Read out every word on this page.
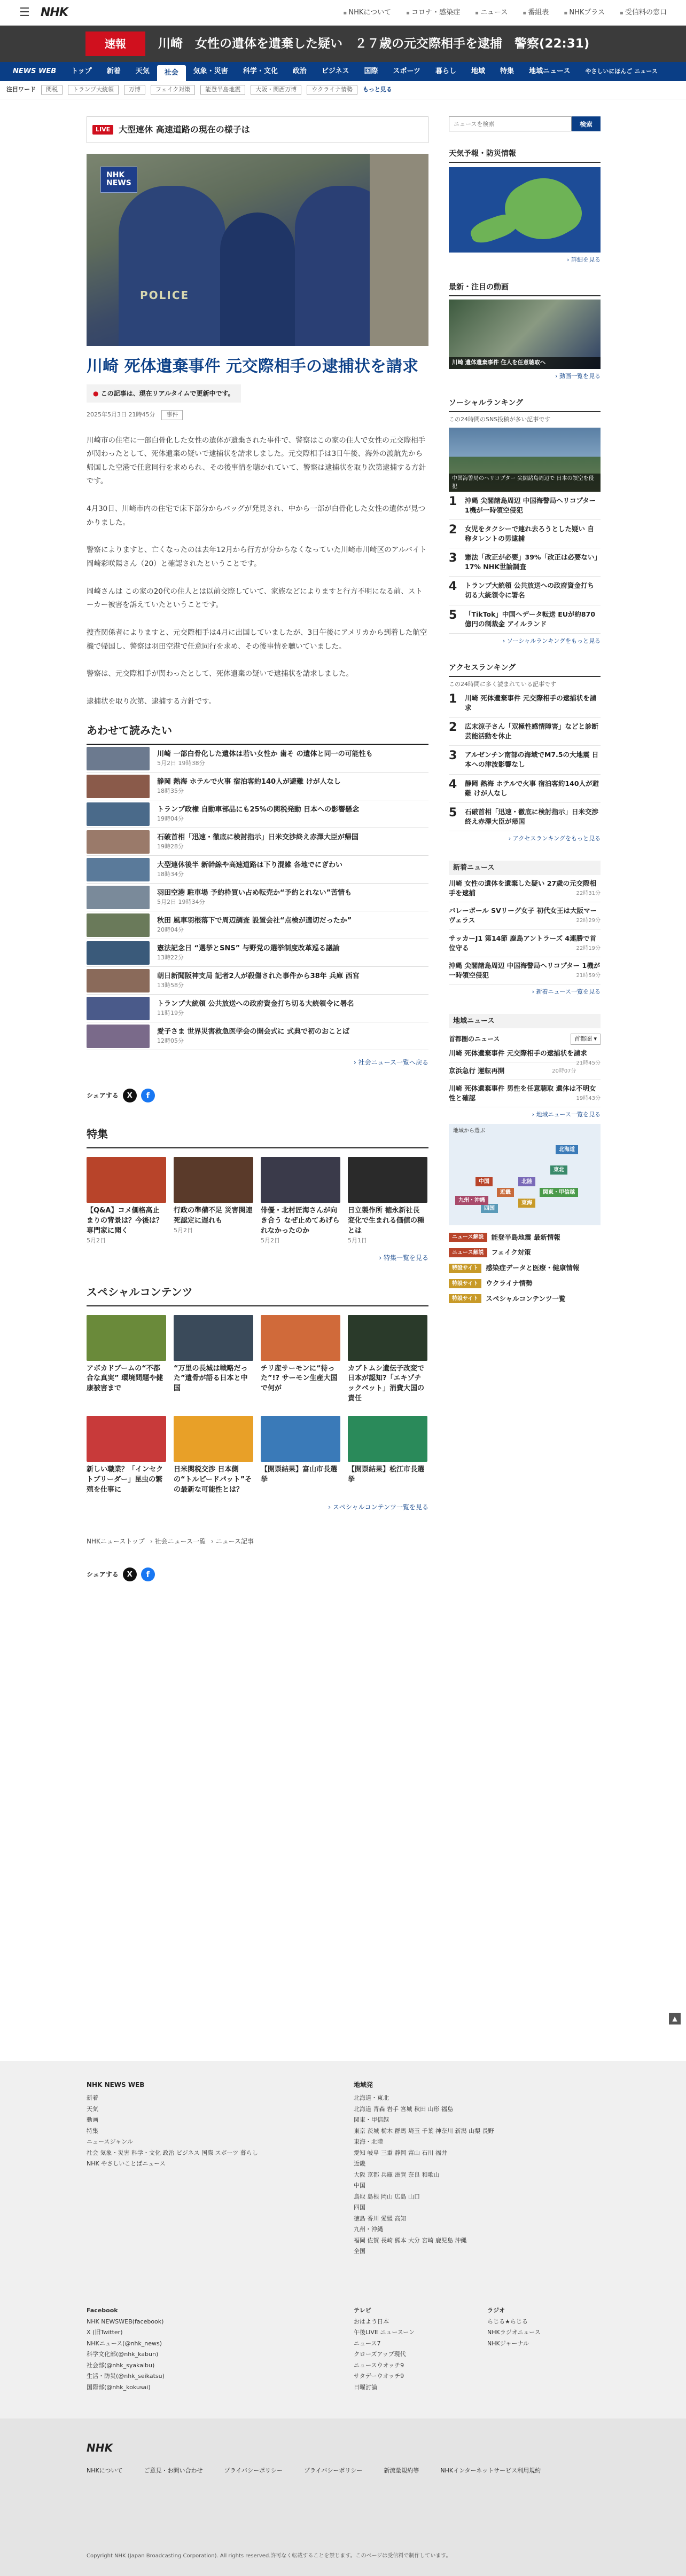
☰ NHK	▪ NHKについて	▪ コロナ・感染症	▪ ニュース	▪ 番組表	▪ NHKプラス	▪ 受信料の窓口
速報	川崎　女性の遺体を遺棄した疑い　２７歳の元交際相手を逮捕　警察(22:31)
NEWS WEB	トップ	新着	天気	社会	気象・災害	科学・文化	政治	ビジネス	国際	スポーツ	暮らし	地域	特集	地域ニュース	やさしいにほんご ニュース
注目ワード	関税	トランプ大統領	万博	フェイク対策	能登半島地震	大阪・関西万博	ウクライナ情勢	もっと見る
LIVE	大型連休 高速道路の現在の様子は
POLICE
NHK
NEWS
川崎 死体遺棄事件 元交際相手の逮捕状を請求
● この記事は、現在リアルタイムで更新中です。
2025年5月3日 21時45分	事件

川崎市の住宅に一部白骨化した女性の遺体が遺棄された事件で、警察はこの家の住人で女性の元交際相手が関わったとして、死体遺棄の疑いで逮捕状を請求しました。元交際相手は3日午後、海外の渡航先から帰国した空港で任意同行を求められ、その後事情を聴かれていて、警察は逮捕状を取り次第逮捕する方針です。

4月30日、川崎市内の住宅で床下部分からバッグが発見され、中から一部が白骨化した女性の遺体が見つかりました。

警察によりますと、亡くなったのは去年12月から行方が分からなくなっていた川崎市川崎区のアルバイト 岡崎彩咲陽さん（20）と確認されたということです。

岡崎さんは この家の20代の住人とは以前交際していて、家族などによりますと行方不明になる前、ストーカー被害を訴えていたということです。

捜査関係者によりますと、元交際相手は4月に出国していましたが、3日午後にアメリカから到着した航空機で帰国し、警察は羽田空港で任意同行を求め、その後事情を聴いていました。

警察は、元交際相手が関わったとして、死体遺棄の疑いで逮捕状を請求しました。

逮捕状を取り次第、逮捕する方針です。

あわせて読みたい
川崎 一部白骨化した遺体は若い女性か 歯そ の遺体と同一の可能性も
5月2日 19時38分
静岡 熱海 ホテルで火事 宿泊客約140人が避難 けが人なし
18時35分
トランプ政権 自動車部品にも25%の関税発動 日本への影響懸念
19時04分
石破首相「迅速・徹底に検討指示」日米交渉終え赤澤大臣が帰国
19時28分
大型連休後半 新幹線や高速道路は下り混雑 各地でにぎわい
18時34分
羽田空港 駐車場 予約枠買い占め転売か“予約とれない”苦情も
5月2日 19時34分
秋田 風車羽根落下で周辺調査 設置会社“点検が適切だったか”
20時04分
憲法記念日 “選挙とSNS” 与野党の選挙制度改革巡る議論
13時22分
朝日新聞阪神支局 記者2人が殺傷された事件から38年 兵庫 西宮
13時58分
トランプ大統領 公共放送への政府資金打ち切る大統領令に署名
11時19分
愛子さま 世界災害救急医学会の開会式に 式典で初のおことば
12時05分
› 社会ニュース一覧へ戻る
シェアする	X	f
特集
【Q&A】コメ価格高止まりの背景は？今後は？専門家に聞く
5月2日
行政の準備不足 災害関連死認定に遅れも
5月2日
俳優・北村匠海さんが向き合う なぜ止めてあげられなかったのか
5月2日
日立製作所 徳永新社長 変化で生まれる価値の種とは
5月1日
› 特集一覧を見る
スペシャルコンテンツ
アボカドブームの“不都合な真実” 環境問題や健康被害まで
“万里の長城は戦略だった”遺骨が語る日本と中国
チリ産サーモンに“待った”!? サーモン生産大国で何が
カブトムシ遺伝子改変で日本が認知?「エキゾチックペット」消費大国の責任
新しい職業？「インセクトブリーダー」昆虫の繁殖を仕事に
日米関税交渉 日本側の“トルピードパット”その最新な可能性とは？
【開票結果】富山市長選挙
【開票結果】松江市長選挙
› スペシャルコンテンツ一覧を見る
NHKニューストップ › 社会ニュース一覧 › ニュース記事
シェアする	X	f
ニュースを検索
検索
天気予報・防災情報
› 詳細を見る
最新・注目の動画
川崎 遺体遺棄事件 住人を任意聴取へ
› 動画一覧を見る
ソーシャルランキング
この24時間のSNS投稿が多い記事です
中国海警局のヘリコプター 尖閣諸島周辺で 日本の領空を侵犯
1	沖縄 尖閣諸島周辺 中国海警局ヘリコプター 1機が一時領空侵犯
2	女児をタクシーで連れ去ろうとした疑い 自称タレントの男逮捕
3	憲法「改正が必要」39%「改正は必要ない」17% NHK世論調査
4	トランプ大統領 公共放送への政府資金打ち切る大統領令に署名
5	「TikTok」中国へデータ転送 EUが約870億円の制裁金 アイルランド
› ソーシャルランキングをもっと見る
アクセスランキング
この24時間に多く読まれている記事です
1	川崎 死体遺棄事件 元交際相手の逮捕状を請求
2	広末涼子さん「双極性感情障害」などと診断 芸能活動を休止
3	アルゼンチン南部の海域でM7.5の大地震 日本への津波影響なし
4	静岡 熱海 ホテルで火事 宿泊客約140人が避難 けが人なし
5	石破首相「迅速・徹底に検討指示」日米交渉終え赤澤大臣が帰国
› アクセスランキングをもっと見る
新着ニュース
川崎 女性の遺体を遺棄した疑い 27歳の元交際相手を逮捕	22時31分
バレーボール SVリーグ女子 初代女王は大阪マーヴェラス	22時29分
サッカーJ1 第14節 鹿島アントラーズ 4連勝で首位守る	22時19分
沖縄 尖閣諸島周辺 中国海警局ヘリコプター 1機が一時領空侵犯	21時59分
› 新着ニュース一覧を見る
地域ニュース
首都圏のニュース	首都圏 ▾
川崎 死体遺棄事件 元交際相手の逮捕状を請求
21時45分
京浜急行 運転再開	20時07分
川崎 死体遺棄事件 男性を任意聴取 遺体は不明女性と確認	19時43分
› 地域ニュース一覧を見る
地域から選ぶ
北海道
東北
関東・甲信越
東海
北陸
近畿
中国
四国
九州・沖縄
ニュース解説	能登半島地震 最新情報
ニュース解説	フェイク対策
特設サイト	感染症データと医療・健康情報
特設サイト	ウクライナ情勢
特設サイト	スペシャルコンテンツ一覧
▲
NHK NEWS WEB
新着
天気
動画
特集
ニュースジャンル
社会 気象・災害 科学・文化 政治 ビジネス 国際 スポーツ 暮らし
NHK やさしいことばニュース
地域発
北海道・東北
北海道 青森 岩手 宮城 秋田 山形 福島
関東・甲信越
東京 茨城 栃木 群馬 埼玉 千葉 神奈川 新潟 山梨 長野
東海・北陸
愛知 岐阜 三重 静岡 富山 石川 福井
近畿
大阪 京都 兵庫 滋賀 奈良 和歌山
中国
鳥取 島根 岡山 広島 山口
四国
徳島 香川 愛媛 高知
九州・沖縄
福岡 佐賀 長崎 熊本 大分 宮崎 鹿児島 沖縄
全国
Facebook
NHK NEWSWEB(facebook)
X (旧Twitter)
NHKニュース(@nhk_news)
科学文化部(@nhk_kabun)
社会部(@nhk_syakaibu)
生活・防災(@nhk_seikatsu)
国際部(@nhk_kokusai)
テレビ
おはよう日本
午後LIVE ニュースーン
ニュース7
クローズアップ現代
ニュースウオッチ9
サタデーウオッチ9
日曜討論
ラジオ
らじる★らじる
NHKラジオニュース
NHKジャーナル
NHK
NHKについて	ご意見・お問い合わせ	プライバシーポリシー	プライバシーポリシー	新流量規約等	NHKインターネットサービス利用規約
Copyright NHK (Japan Broadcasting Corporation). All rights reserved.許可なく転載することを禁じます。このページは受信料で制作しています。
